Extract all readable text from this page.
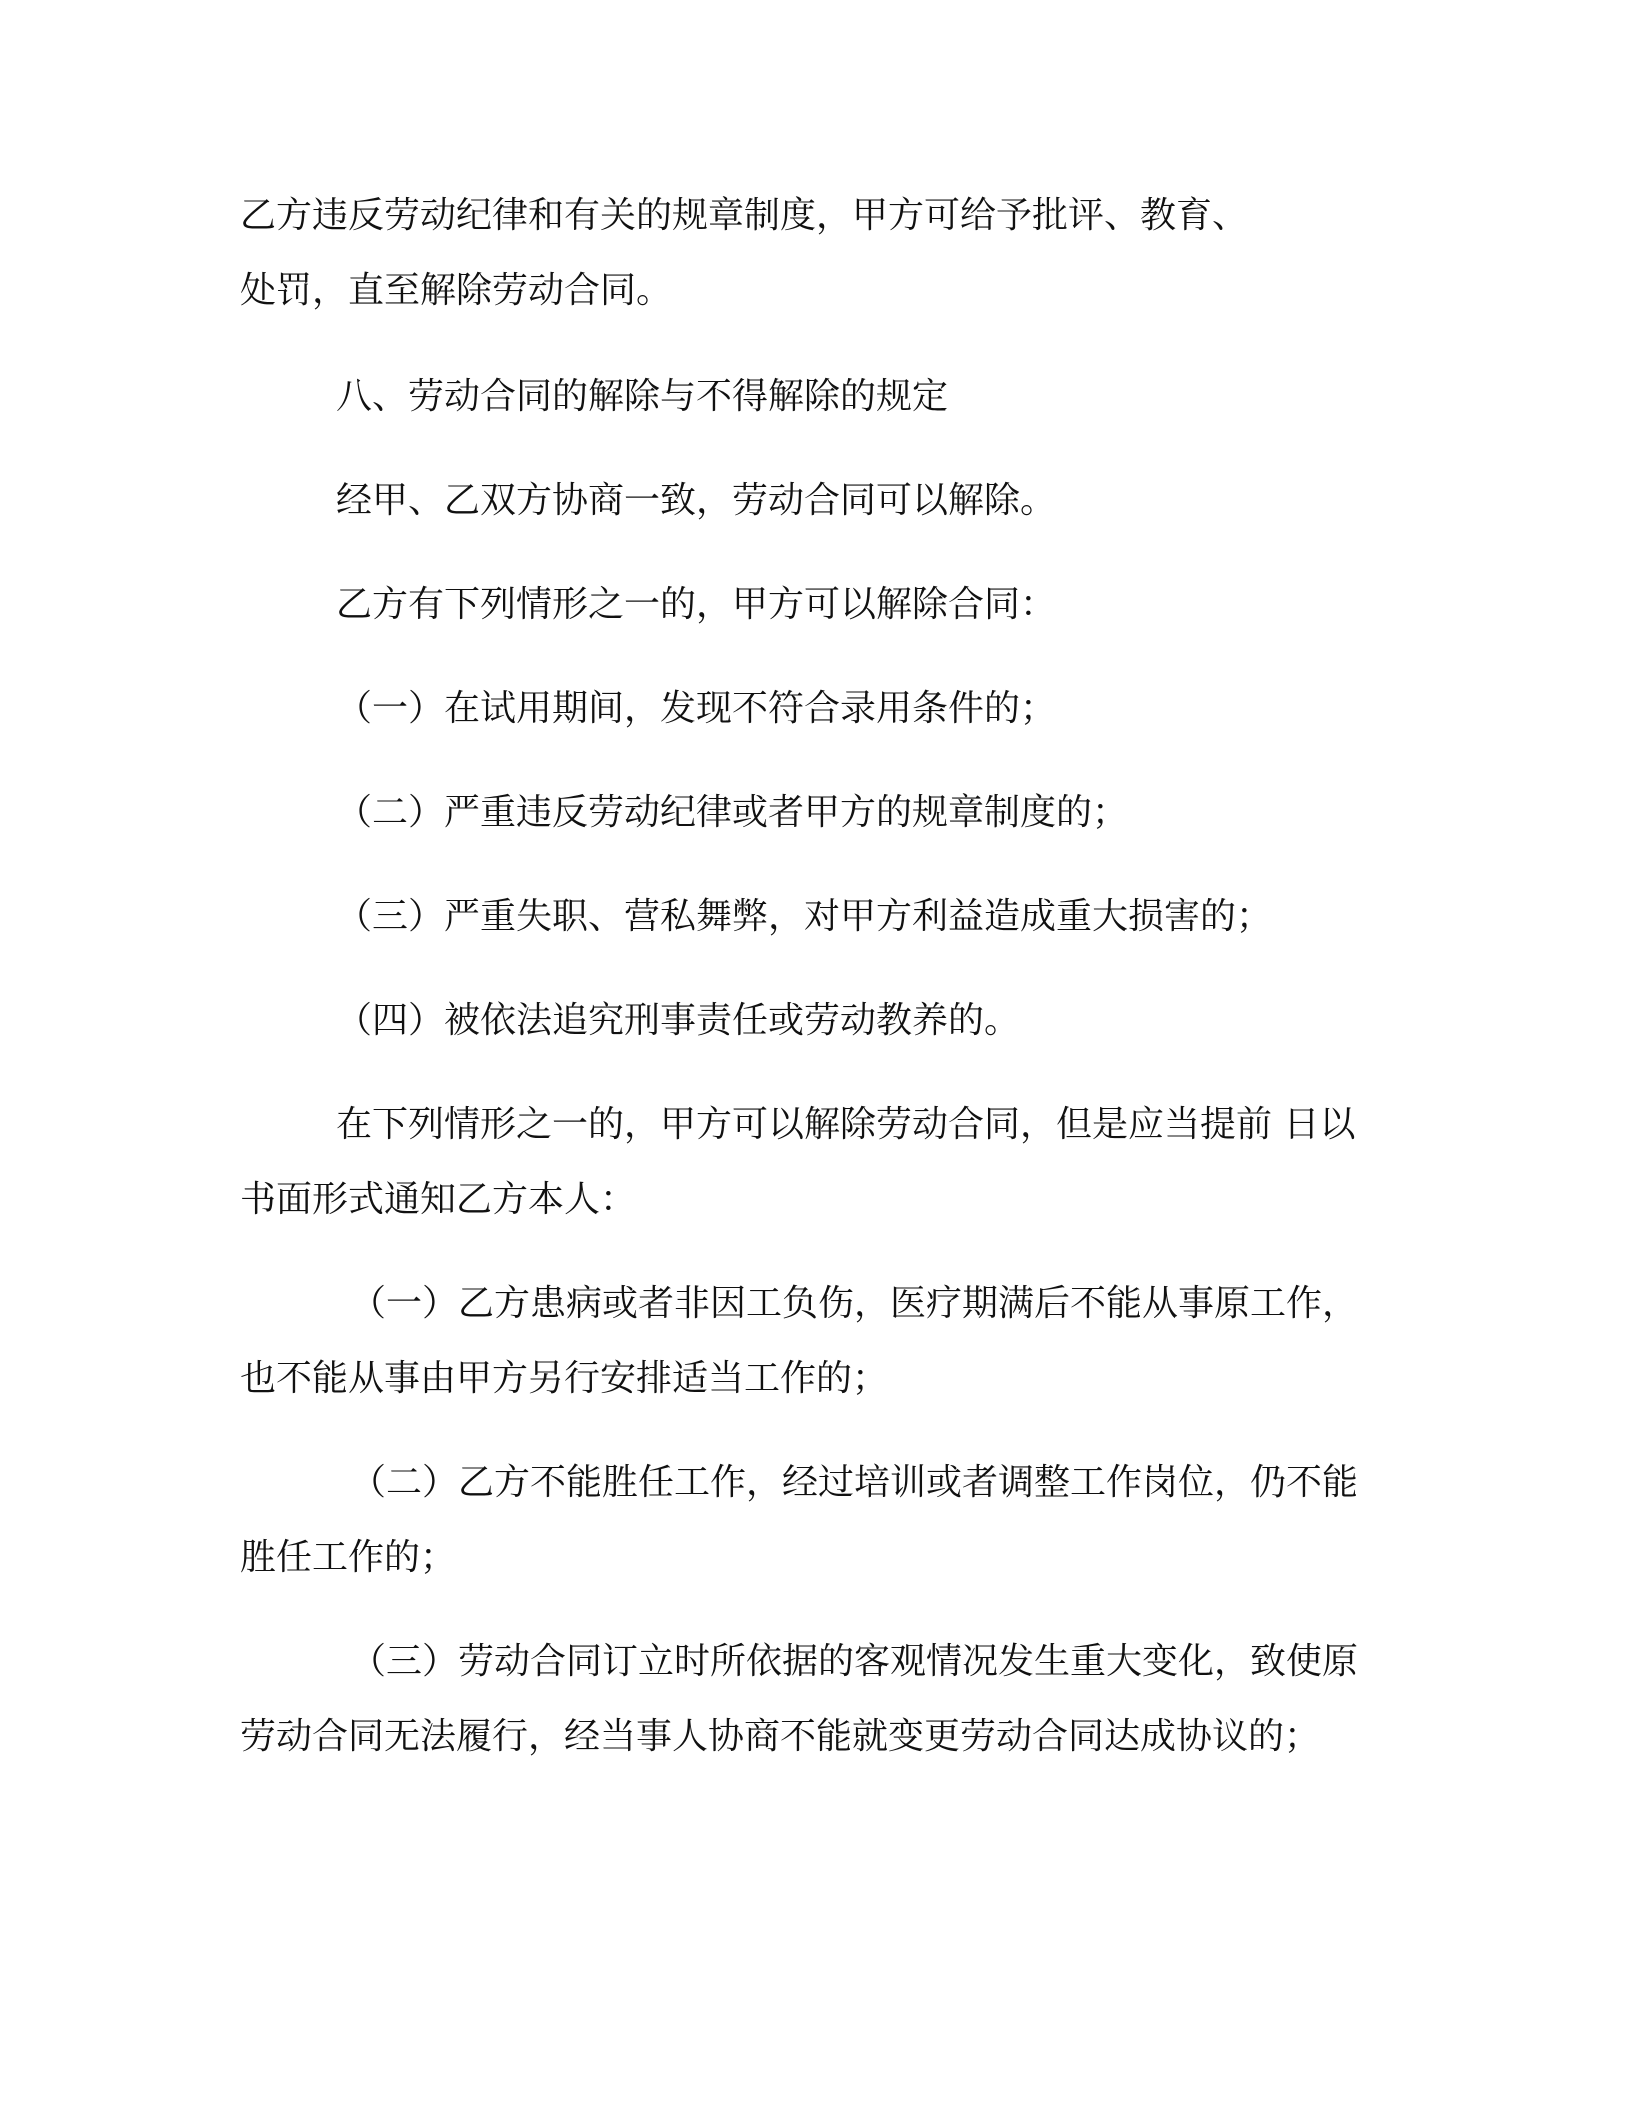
乙方违反劳动纪律和有关的规章制度，甲方可给予批评、教育、
处罚，直至解除劳动合同。
八、劳动合同的解除与不得解除的规定
经甲、乙双方协商一致，劳动合同可以解除。
乙方有下列情形之一的，甲方可以解除合同：
（一）在试用期间，发现不符合录用条件的；
（二）严重违反劳动纪律或者甲方的规章制度的；
（三）严重失职、营私舞弊，对甲方利益造成重大损害的；
（四）被依法追究刑事责任或劳动教养的。
在下列情形之一的，甲方可以解除劳动合同，但是应当提前 日以
书面形式通知乙方本人：
（一）乙方患病或者非因工负伤，医疗期满后不能从事原工作，
也不能从事由甲方另行安排适当工作的；
（二）乙方不能胜任工作，经过培训或者调整工作岗位，仍不能
胜任工作的；
（三）劳动合同订立时所依据的客观情况发生重大变化，致使原
劳动合同无法履行，经当事人协商不能就变更劳动合同达成协议的；
